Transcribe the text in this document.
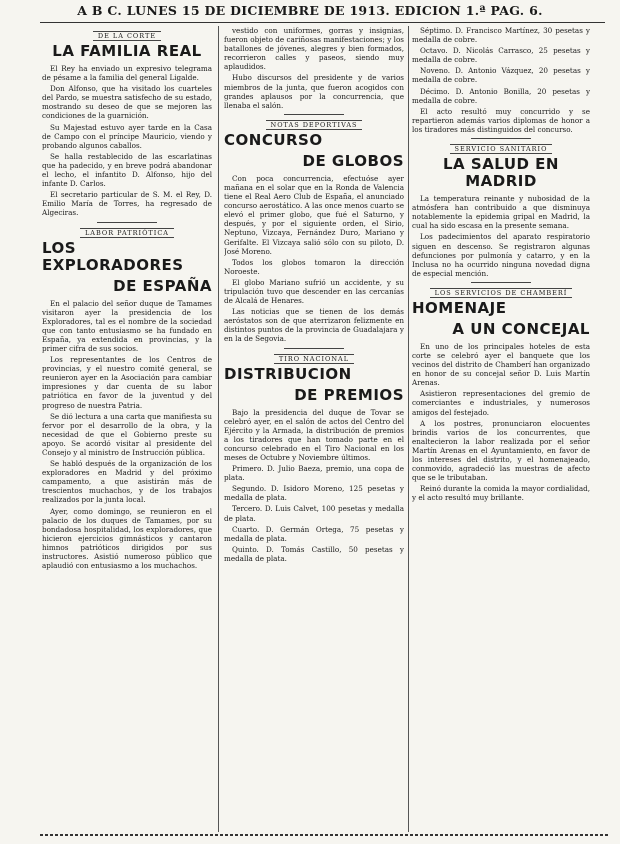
A B C. LUNES 15 DE DICIEMBRE DE 1913. EDICION 1.ª PAG. 6.
DE LA CORTE
LA FAMILIA REAL

El Rey ha enviado un expresivo telegrama de pésame a la familia del general Ligalde.

Don Alfonso, que ha visitado los cuarteles del Pardo, se muestra satisfecho de su estado, mostrando su deseo de que se mejoren las condiciones de la guarnición.

Su Majestad estuvo ayer tarde en la Casa de Campo con el príncipe Mauricio, viendo y probando algunos caballos.

Se halla restablecido de las escarlatinas que ha padecido, y en breve podrá abandonar el lecho, el infantito D. Alfonso, hijo del infante D. Carlos.

El secretario particular de S. M. el Rey, D. Emilio María de Torres, ha regresado de Algeciras.

LABOR PATRIÓTICA
LOS EXPLORADORES
DE ESPAÑA

En el palacio del señor duque de Tamames visitaron ayer la presidencia de los Exploradores, tal es el nombre de la sociedad que con tanto entusiasmo se ha fundado en España, ya extendida en provincias, y la primer cifra de sus socios.

Los representantes de los Centros de provincias, y el nuestro comité general, se reunieron ayer en la Asociación para cambiar impresiones y dar cuenta de su labor patriótica en favor de la juventud y del progreso de nuestra Patria.

Se dió lectura a una carta que manifiesta su fervor por el desarrollo de la obra, y la necesidad de que el Gobierno preste su apoyo. Se acordó visitar al presidente del Consejo y al ministro de Instrucción pública.

Se habló después de la organización de los exploradores en Madrid y del próximo campamento, a que asistirán más de trescientos muchachos, y de los trabajos realizados por la junta local.

Ayer, como domingo, se reunieron en el palacio de los duques de Tamames, por su bondadosa hospitalidad, los exploradores, que hicieron ejercicios gimnásticos y cantaron himnos patrióticos dirigidos por sus instructores. Asistió numeroso público que aplaudió con entusiasmo a los muchachos.

vestido con uniformes, gorras y insignias, fueron objeto de cariñosas manifestaciones; y los batallones de jóvenes, alegres y bien formados, recorrieron calles y paseos, siendo muy aplaudidos.

Hubo discursos del presidente y de varios miembros de la junta, que fueron acogidos con grandes aplausos por la concurrencia, que llenaba el salón.

NOTAS DEPORTIVAS
CONCURSO
DE GLOBOS

Con poca concurrencia, efectuóse ayer mañana en el solar que en la Ronda de Valencia tiene el Real Aero Club de España, el anunciado concurso aerostático. A las once menos cuarto se elevó el primer globo, que fué el Saturno, y después, y por el siguiente orden, el Sirio, Neptuno, Vizcaya, Fernández Duro, Mariano y Gerifalte. El Vizcaya salió sólo con su piloto, D. José Moreno.

Todos los globos tomaron la dirección Noroeste.

El globo Mariano sufrió un accidente, y su tripulación tuvo que descender en las cercanías de Alcalá de Henares.

Las noticias que se tienen de los demás aeróstatos son de que aterrizaron felizmente en distintos puntos de la provincia de Guadalajara y en la de Segovia.

TIRO NACIONAL
DISTRIBUCION
DE PREMIOS

Bajo la presidencia del duque de Tovar se celebró ayer, en el salón de actos del Centro del Ejército y la Armada, la distribución de premios a los tiradores que han tomado parte en el concurso celebrado en el Tiro Nacional en los meses de Octubre y Noviembre últimos.

Primero. D. Julio Baeza, premio, una copa de plata.

Segundo. D. Isidoro Moreno, 125 pesetas y medalla de plata.

Tercero. D. Luis Calvet, 100 pesetas y medalla de plata.

Cuarto. D. Germán Ortega, 75 pesetas y medalla de plata.

Quinto. D. Tomás Castillo, 50 pesetas y medalla de plata.

Séptimo. D. Francisco Martínez, 30 pesetas y medalla de cobre.

Octavo. D. Nicolás Carrasco, 25 pesetas y medalla de cobre.

Noveno. D. Antonio Vázquez, 20 pesetas y medalla de cobre.

Décimo. D. Antonio Bonilla, 20 pesetas y medalla de cobre.

El acto resultó muy concurrido y se repartieron además varios diplomas de honor a los tiradores más distinguidos del concurso.

SERVICIO SANITARIO
LA SALUD EN MADRID

La temperatura reinante y nubosidad de la atmósfera han contribuido a que disminuya notablemente la epidemia gripal en Madrid, la cual ha sido escasa en la presente semana.

Los padecimientos del aparato respiratorio siguen en descenso. Se registraron algunas defunciones por pulmonía y catarro, y en la Inclusa no ha ocurrido ninguna novedad digna de especial mención.

LOS SERVICIOS DE CHAMBERÍ
HOMENAJE
A UN CONCEJAL

En uno de los principales hoteles de esta corte se celebró ayer el banquete que los vecinos del distrito de Chamberí han organizado en honor de su concejal señor D. Luis Martín Arenas.

Asistieron representaciones del gremio de comerciantes e industriales, y numerosos amigos del festejado.

A los postres, pronunciaron elocuentes brindis varios de los concurrentes, que enaltecieron la labor realizada por el señor Martín Arenas en el Ayuntamiento, en favor de los intereses del distrito, y el homenajeado, conmovido, agradeció las muestras de afecto que se le tributaban.

Reinó durante la comida la mayor cordialidad, y el acto resultó muy brillante.
